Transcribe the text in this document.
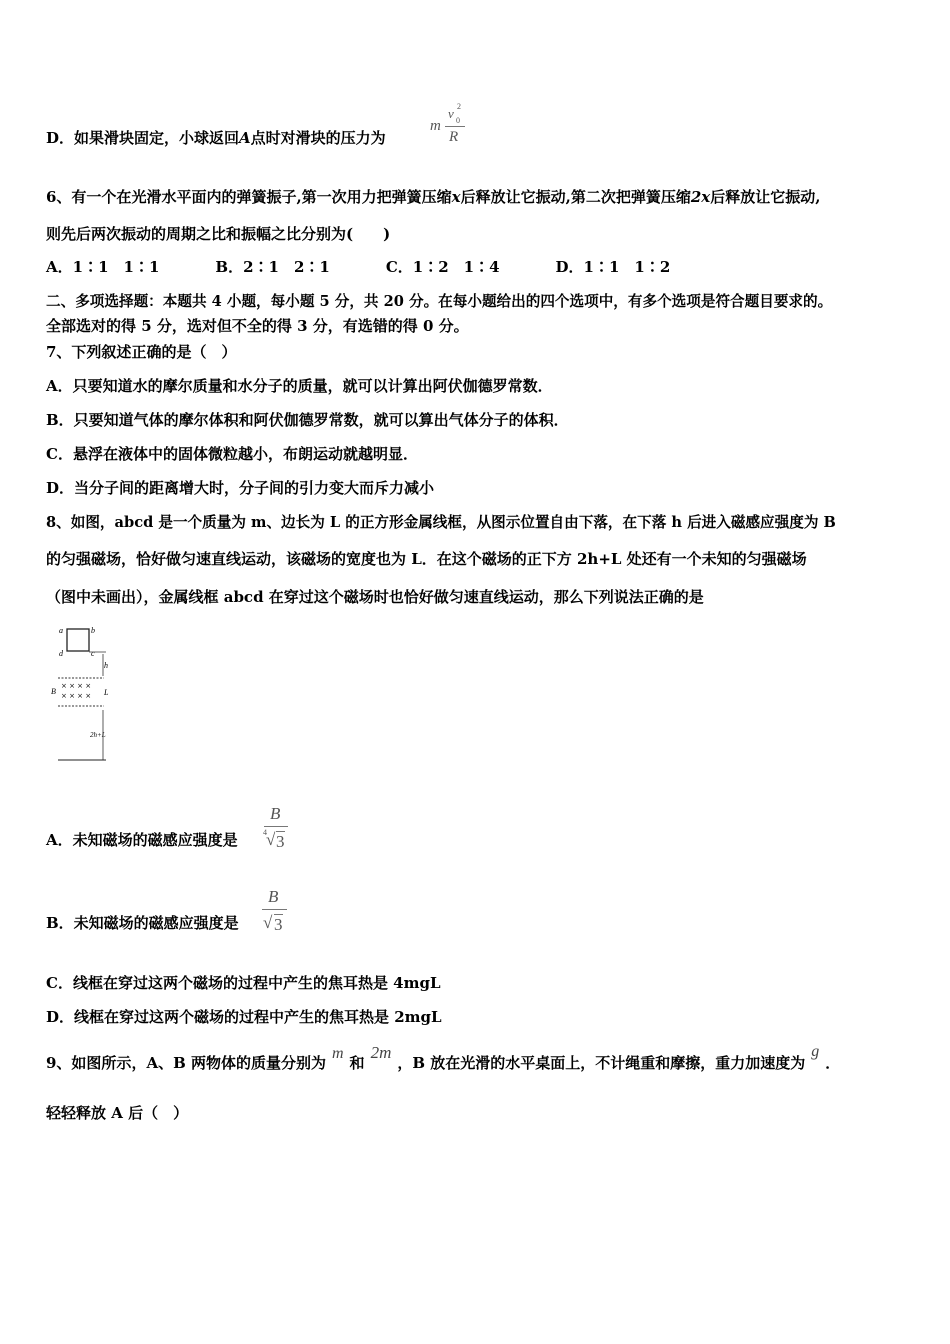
D．如果滑块固定，小球返回A点时对滑块的压力为
m
v 2
0
R
6、有一个在光滑水平面内的弹簧振子,第一次用力把弹簧压缩x后释放让它振动,第二次把弹簧压缩2x后释放让它振动,
则先后两次振动的周期之比和振幅之比分别为(　　)
A．1∶1　1∶1	B．2∶1　2∶1	C．1∶2　1∶4	D．1∶1　1∶2
二、多项选择题：本题共 4 小题，每小题 5 分，共 20 分。在每小题给出的四个选项中，有多个选项是符合题目要求的。
全部选对的得 5 分，选对但不全的得 3 分，有选错的得 0 分。
7、下列叙述正确的是（　）
A．只要知道水的摩尔质量和水分子的质量，就可以计算出阿伏伽德罗常数．
B．只要知道气体的摩尔体积和阿伏伽德罗常数，就可以算出气体分子的体积．
C．悬浮在液体中的固体微粒越小，布朗运动就越明显．
D．当分子间的距离增大时，分子间的引力变大而斥力减小
8、如图，abcd 是一个质量为 m、边长为 L 的正方形金属线框，从图示位置自由下落，在下落 h 后进入磁感应强度为 B
的匀强磁场，恰好做匀速直线运动，该磁场的宽度也为 L．在这个磁场的正下方 2h+L 处还有一个未知的匀强磁场
（图中未画出），金属线框 abcd 在穿过这个磁场时也恰好做匀速直线运动，那么下列说法正确的是
a	b
d	c
h
B
× × × ×
× × × × L
2h+L
A．未知磁场的磁感应强度是
B
4 √ 3
B．未知磁场的磁感应强度是
B
√ 3
C．线框在穿过这两个磁场的过程中产生的焦耳热是 4mgL
D．线框在穿过这两个磁场的过程中产生的焦耳热是 2mgL
9、如图所示，A、B 两物体的质量分别为m和2m，B 放在光滑的水平桌面上，不计绳重和摩擦，重力加速度为g．
轻轻释放 A 后（　）
